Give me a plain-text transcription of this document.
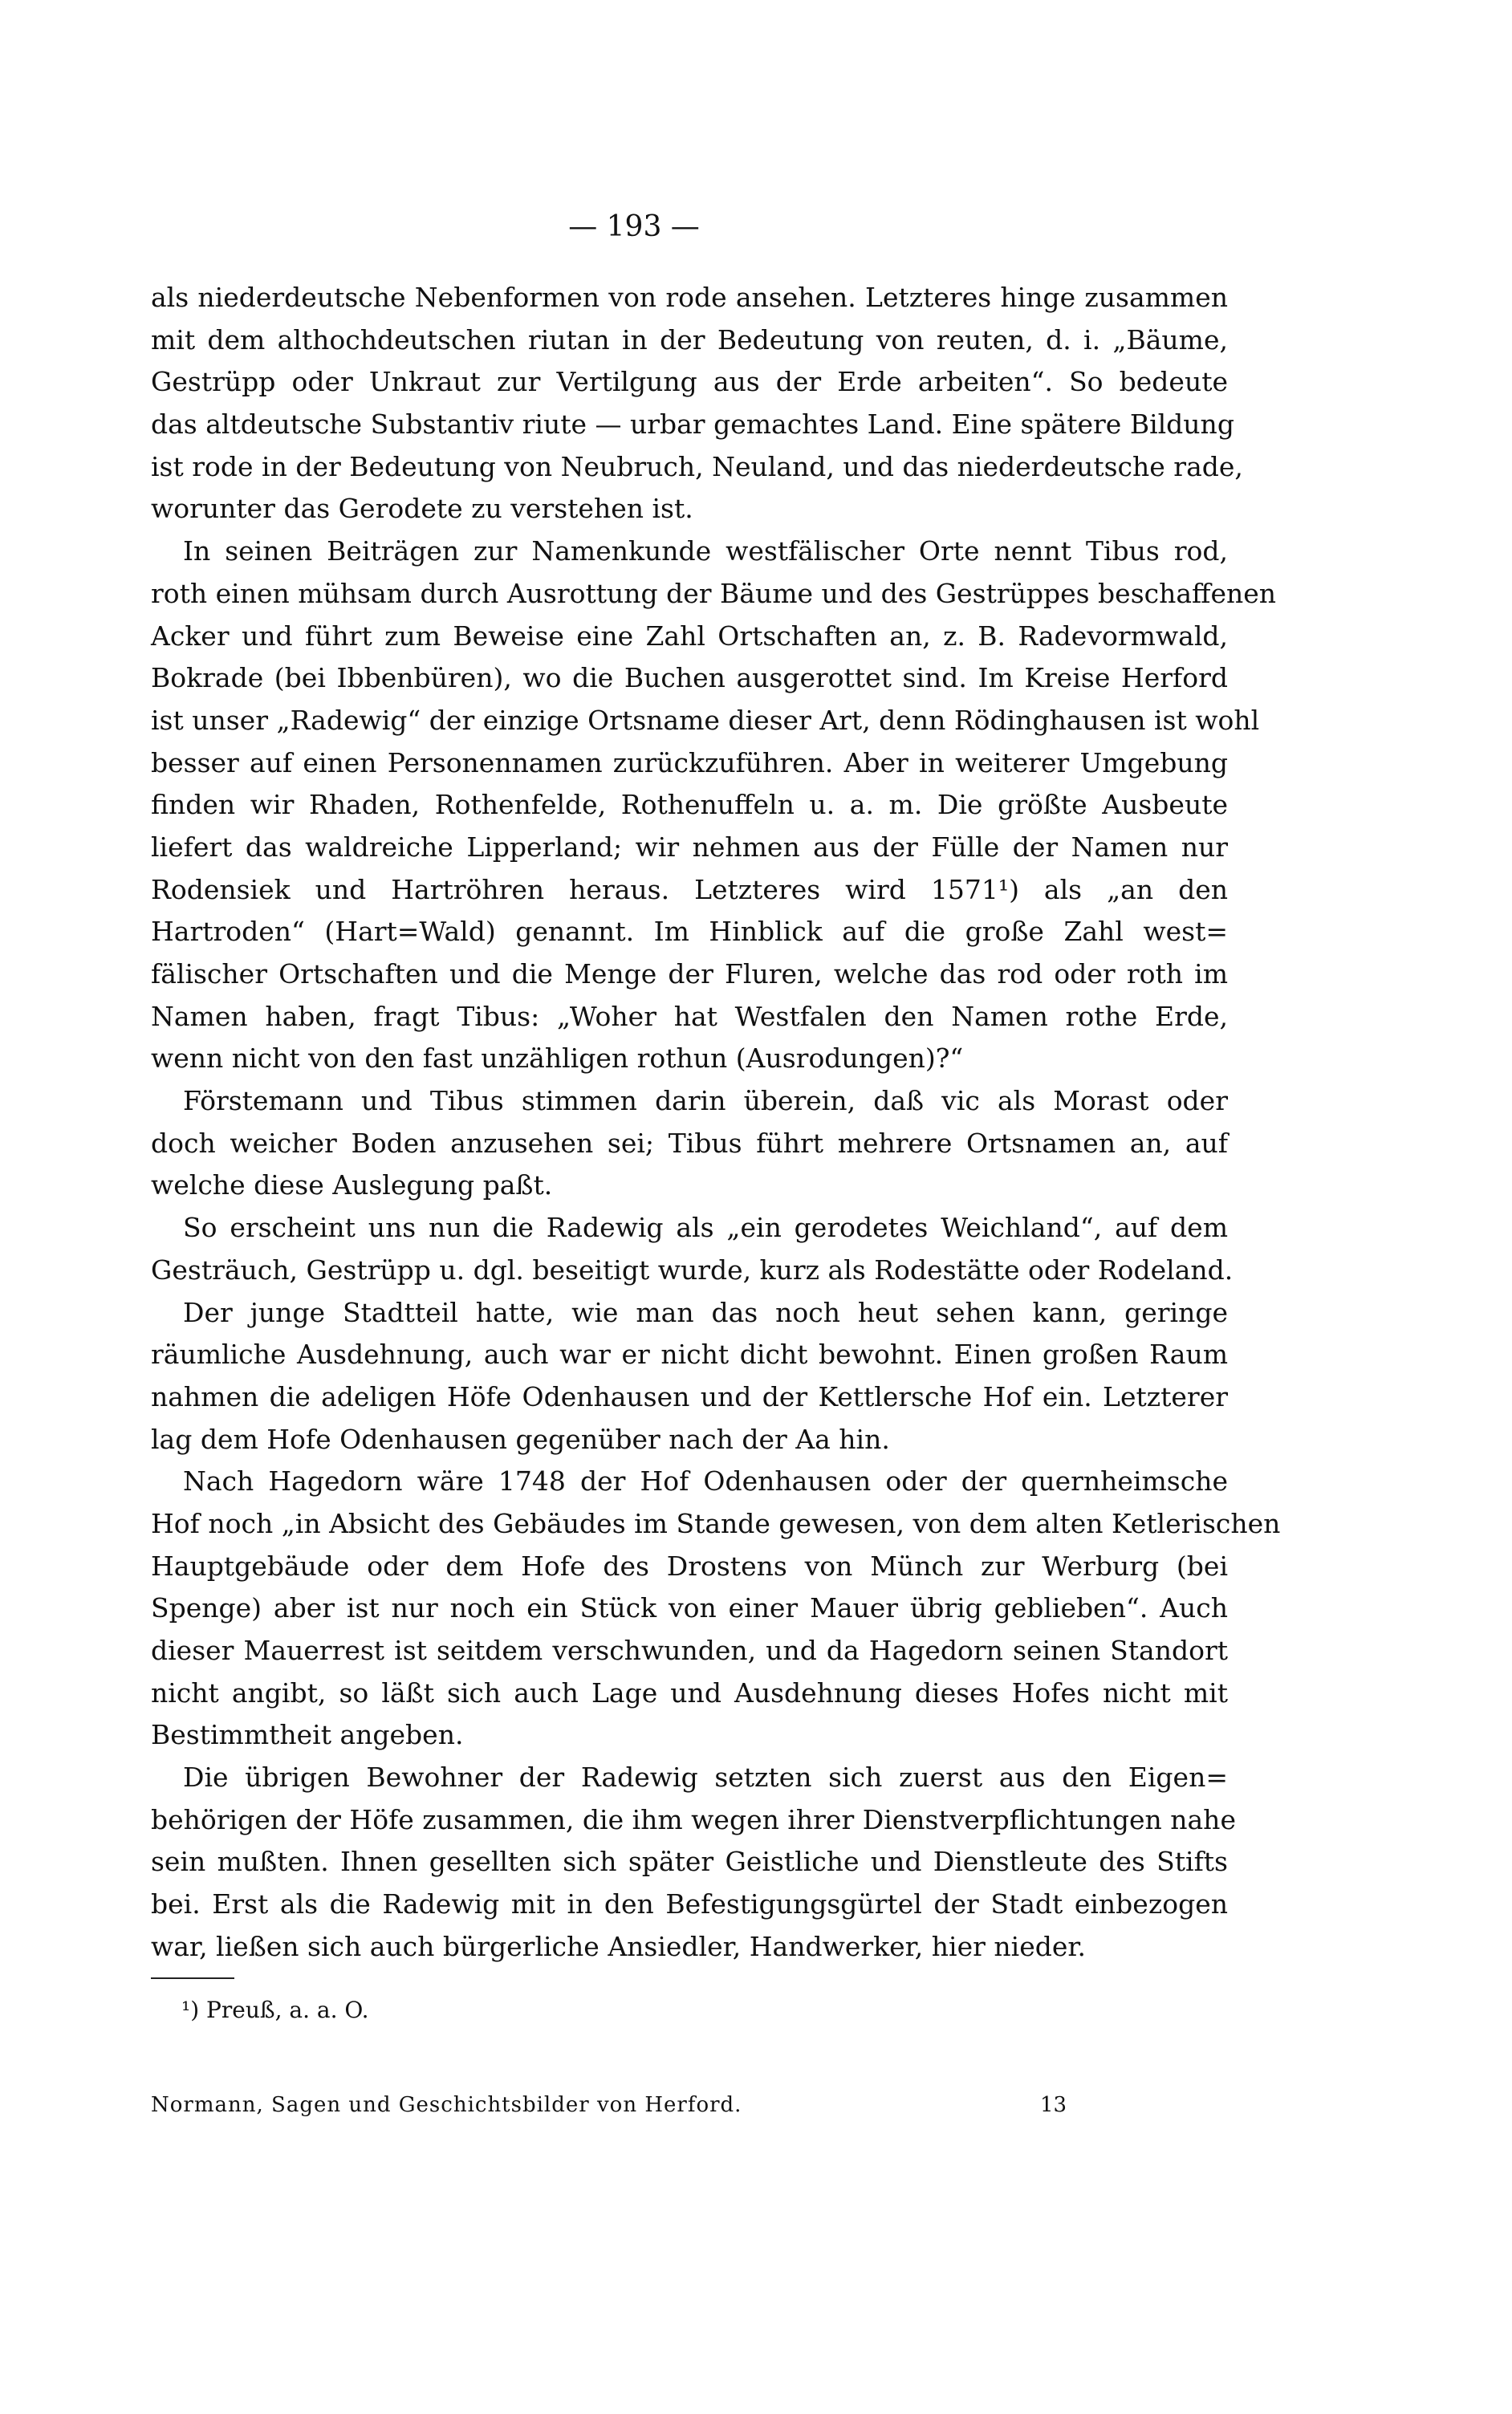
— 193 —
als niederdeutsche Nebenformen von rode ansehen. Letzteres hinge zusammen
mit dem althochdeutschen riutan in der Bedeutung von reuten, d. i. „Bäume,
Gestrüpp oder Unkraut zur Vertilgung aus der Erde arbeiten“. So bedeute
das altdeutsche Substantiv riute — urbar gemachtes Land. Eine spätere Bildung
ist rode in der Bedeutung von Neubruch, Neuland, und das niederdeutsche rade,
worunter das Gerodete zu verstehen ist.
In seinen Beiträgen zur Namenkunde westfälischer Orte nennt Tibus rod,
roth einen mühsam durch Ausrottung der Bäume und des Gestrüppes beschaffenen
Acker und führt zum Beweise eine Zahl Ortschaften an, z. B. Radevormwald,
Bokrade (bei Ibbenbüren), wo die Buchen ausgerottet sind. Im Kreise Herford
ist unser „Radewig“ der einzige Ortsname dieser Art, denn Rödinghausen ist wohl
besser auf einen Personennamen zurückzuführen. Aber in weiterer Umgebung
finden wir Rhaden, Rothenfelde, Rothenuffeln u. a. m. Die größte Ausbeute
liefert das waldreiche Lipperland; wir nehmen aus der Fülle der Namen nur
Rodensiek und Hartröhren heraus. Letzteres wird 1571¹) als „an den
Hartroden“ (Hart=Wald) genannt. Im Hinblick auf die große Zahl west=
fälischer Ortschaften und die Menge der Fluren, welche das rod oder roth im
Namen haben, fragt Tibus: „Woher hat Westfalen den Namen rothe Erde,
wenn nicht von den fast unzähligen rothun (Ausrodungen)?“
Förstemann und Tibus stimmen darin überein, daß vic als Morast oder
doch weicher Boden anzusehen sei; Tibus führt mehrere Ortsnamen an, auf
welche diese Auslegung paßt.
So erscheint uns nun die Radewig als „ein gerodetes Weichland“, auf dem
Gesträuch, Gestrüpp u. dgl. beseitigt wurde, kurz als Rodestätte oder Rodeland.
Der junge Stadtteil hatte, wie man das noch heut sehen kann, geringe
räumliche Ausdehnung, auch war er nicht dicht bewohnt. Einen großen Raum
nahmen die adeligen Höfe Odenhausen und der Kettlersche Hof ein. Letzterer
lag dem Hofe Odenhausen gegenüber nach der Aa hin.
Nach Hagedorn wäre 1748 der Hof Odenhausen oder der quernheimsche
Hof noch „in Absicht des Gebäudes im Stande gewesen, von dem alten Ketlerischen
Hauptgebäude oder dem Hofe des Drostens von Münch zur Werburg (bei
Spenge) aber ist nur noch ein Stück von einer Mauer übrig geblieben“. Auch
dieser Mauerrest ist seitdem verschwunden, und da Hagedorn seinen Standort
nicht angibt, so läßt sich auch Lage und Ausdehnung dieses Hofes nicht mit
Bestimmtheit angeben.
Die übrigen Bewohner der Radewig setzten sich zuerst aus den Eigen=
behörigen der Höfe zusammen, die ihm wegen ihrer Dienstverpflichtungen nahe
sein mußten. Ihnen gesellten sich später Geistliche und Dienstleute des Stifts
bei. Erst als die Radewig mit in den Befestigungsgürtel der Stadt einbezogen
war, ließen sich auch bürgerliche Ansiedler, Handwerker, hier nieder.
¹) Preuß, a. a. O.
Normann, Sagen und Geschichtsbilder von Herford.	13
